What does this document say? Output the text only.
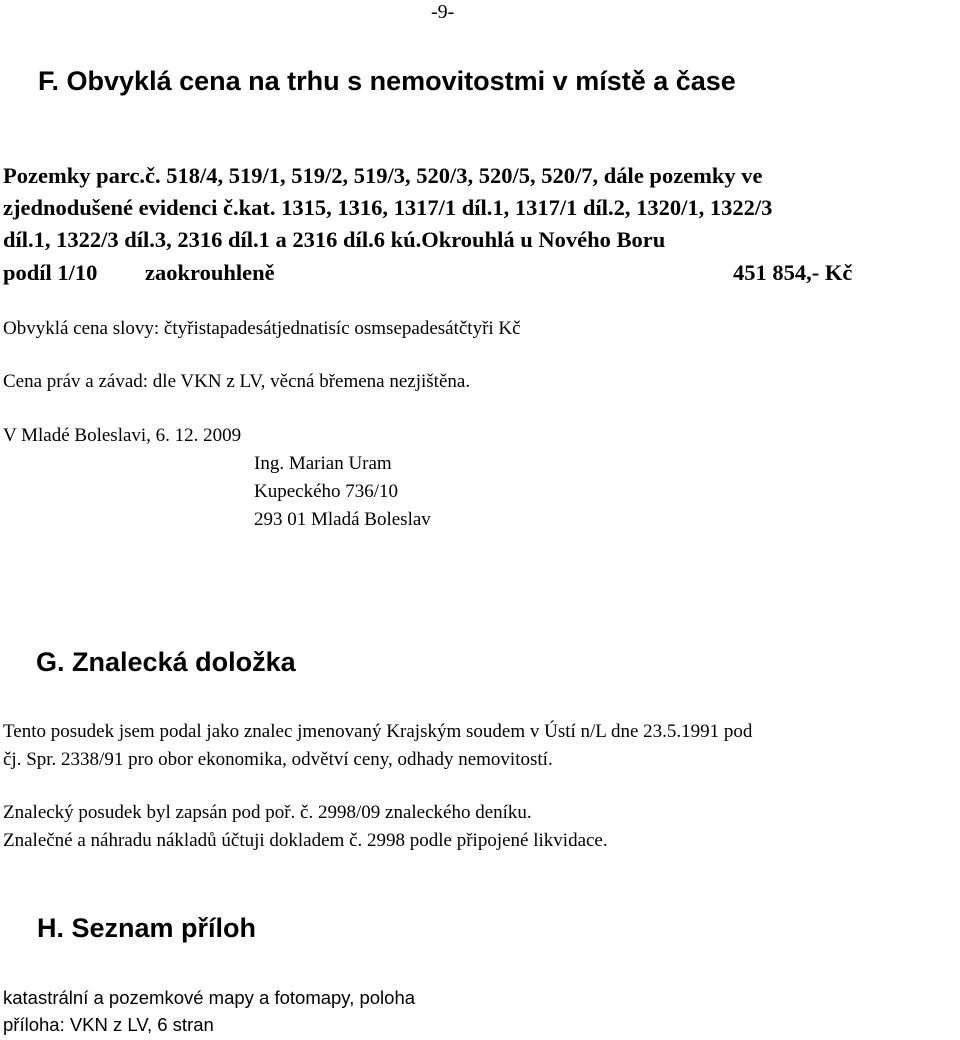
-9-
F. Obvyklá cena na trhu s nemovitostmi v místě a čase
Pozemky parc.č. 518/4, 519/1, 519/2, 519/3, 520/3, 520/5, 520/7, dále pozemky ve
zjednodušené evidenci č.kat. 1315, 1316, 1317/1 díl.1, 1317/1 díl.2, 1320/1, 1322/3
díl.1, 1322/3 díl.3, 2316 díl.1 a 2316 díl.6 kú.Okrouhlá u Nového Boru
podíl 1/10 zaokrouhleně	451 854,- Kč
Obvyklá cena slovy: čtyřistapadesátjednatisíc osmsepadesátčtyři Kč
Cena práv a závad: dle VKN z LV, věcná břemena nezjištěna.
V Mladé Boleslavi, 6. 12. 2009
Ing. Marian Uram
Kupeckého 736/10
293 01 Mladá Boleslav
G. Znalecká doložka
Tento posudek jsem podal jako znalec jmenovaný Krajským soudem v Ústí n/L dne 23.5.1991 pod
čj. Spr. 2338/91 pro obor ekonomika, odvětví ceny, odhady nemovitostí.
Znalecký posudek byl zapsán pod poř. č. 2998/09 znaleckého deníku.
Znalečné a náhradu nákladů účtuji dokladem č. 2998 podle připojené likvidace.
H. Seznam příloh
katastrální a pozemkové mapy a fotomapy, poloha
příloha: VKN z LV, 6 stran
